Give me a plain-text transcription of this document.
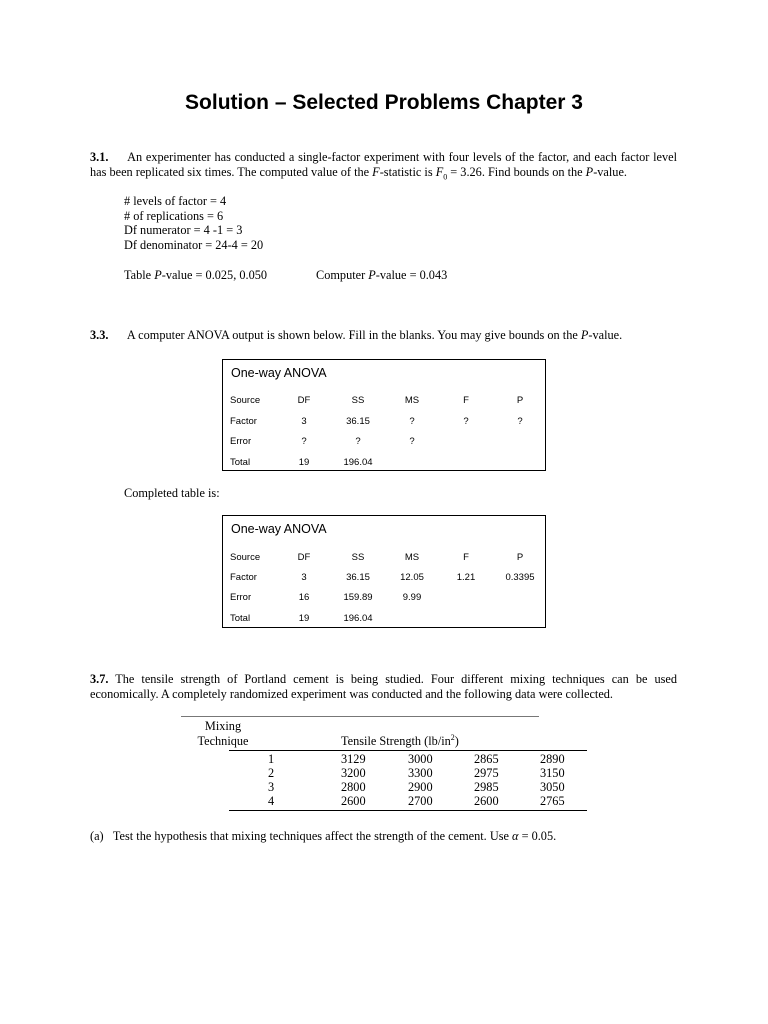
Solution – Selected Problems Chapter 3
3.1. An experimenter has conducted a single-factor experiment with four levels of the factor, and each factor level has been replicated six times. The computed value of the F-statistic is $F_0 = 3.26$. Find bounds on the P-value.
# levels of factor = 4
# of replications = 6
Df numerator = 4 -1 = 3
Df denominator = 24-4 = 20
Table P-value = 0.025, 0.050	Computer P-value = 0.043
3.3. A computer ANOVA output is shown below. Fill in the blanks. You may give bounds on the P-value.
One-way ANOVA
Source	DF	SS	MS	F	P
Factor	3	36.15	?	?	?
Error	?	?	?
Total	19	196.04
Completed table is:
One-way ANOVA
Source	DF	SS	MS	F	P
Factor	3	36.15	12.05	1.21	0.3395
Error	16	159.89	9.99
Total	19	196.04
3.7. The tensile strength of Portland cement is being studied. Four different mixing techniques can be used economically. A completely randomized experiment was conducted and the following data were collected.
Mixing
Technique	Tensile Strength $(lb/in^2)$
1	3129	3000	2865	2890
2	3200	3300	2975	3150
3	2800	2900	2985	3050
4	2600	2700	2600	2765
(a) Test the hypothesis that mixing techniques affect the strength of the cement. Use α = 0.05.
